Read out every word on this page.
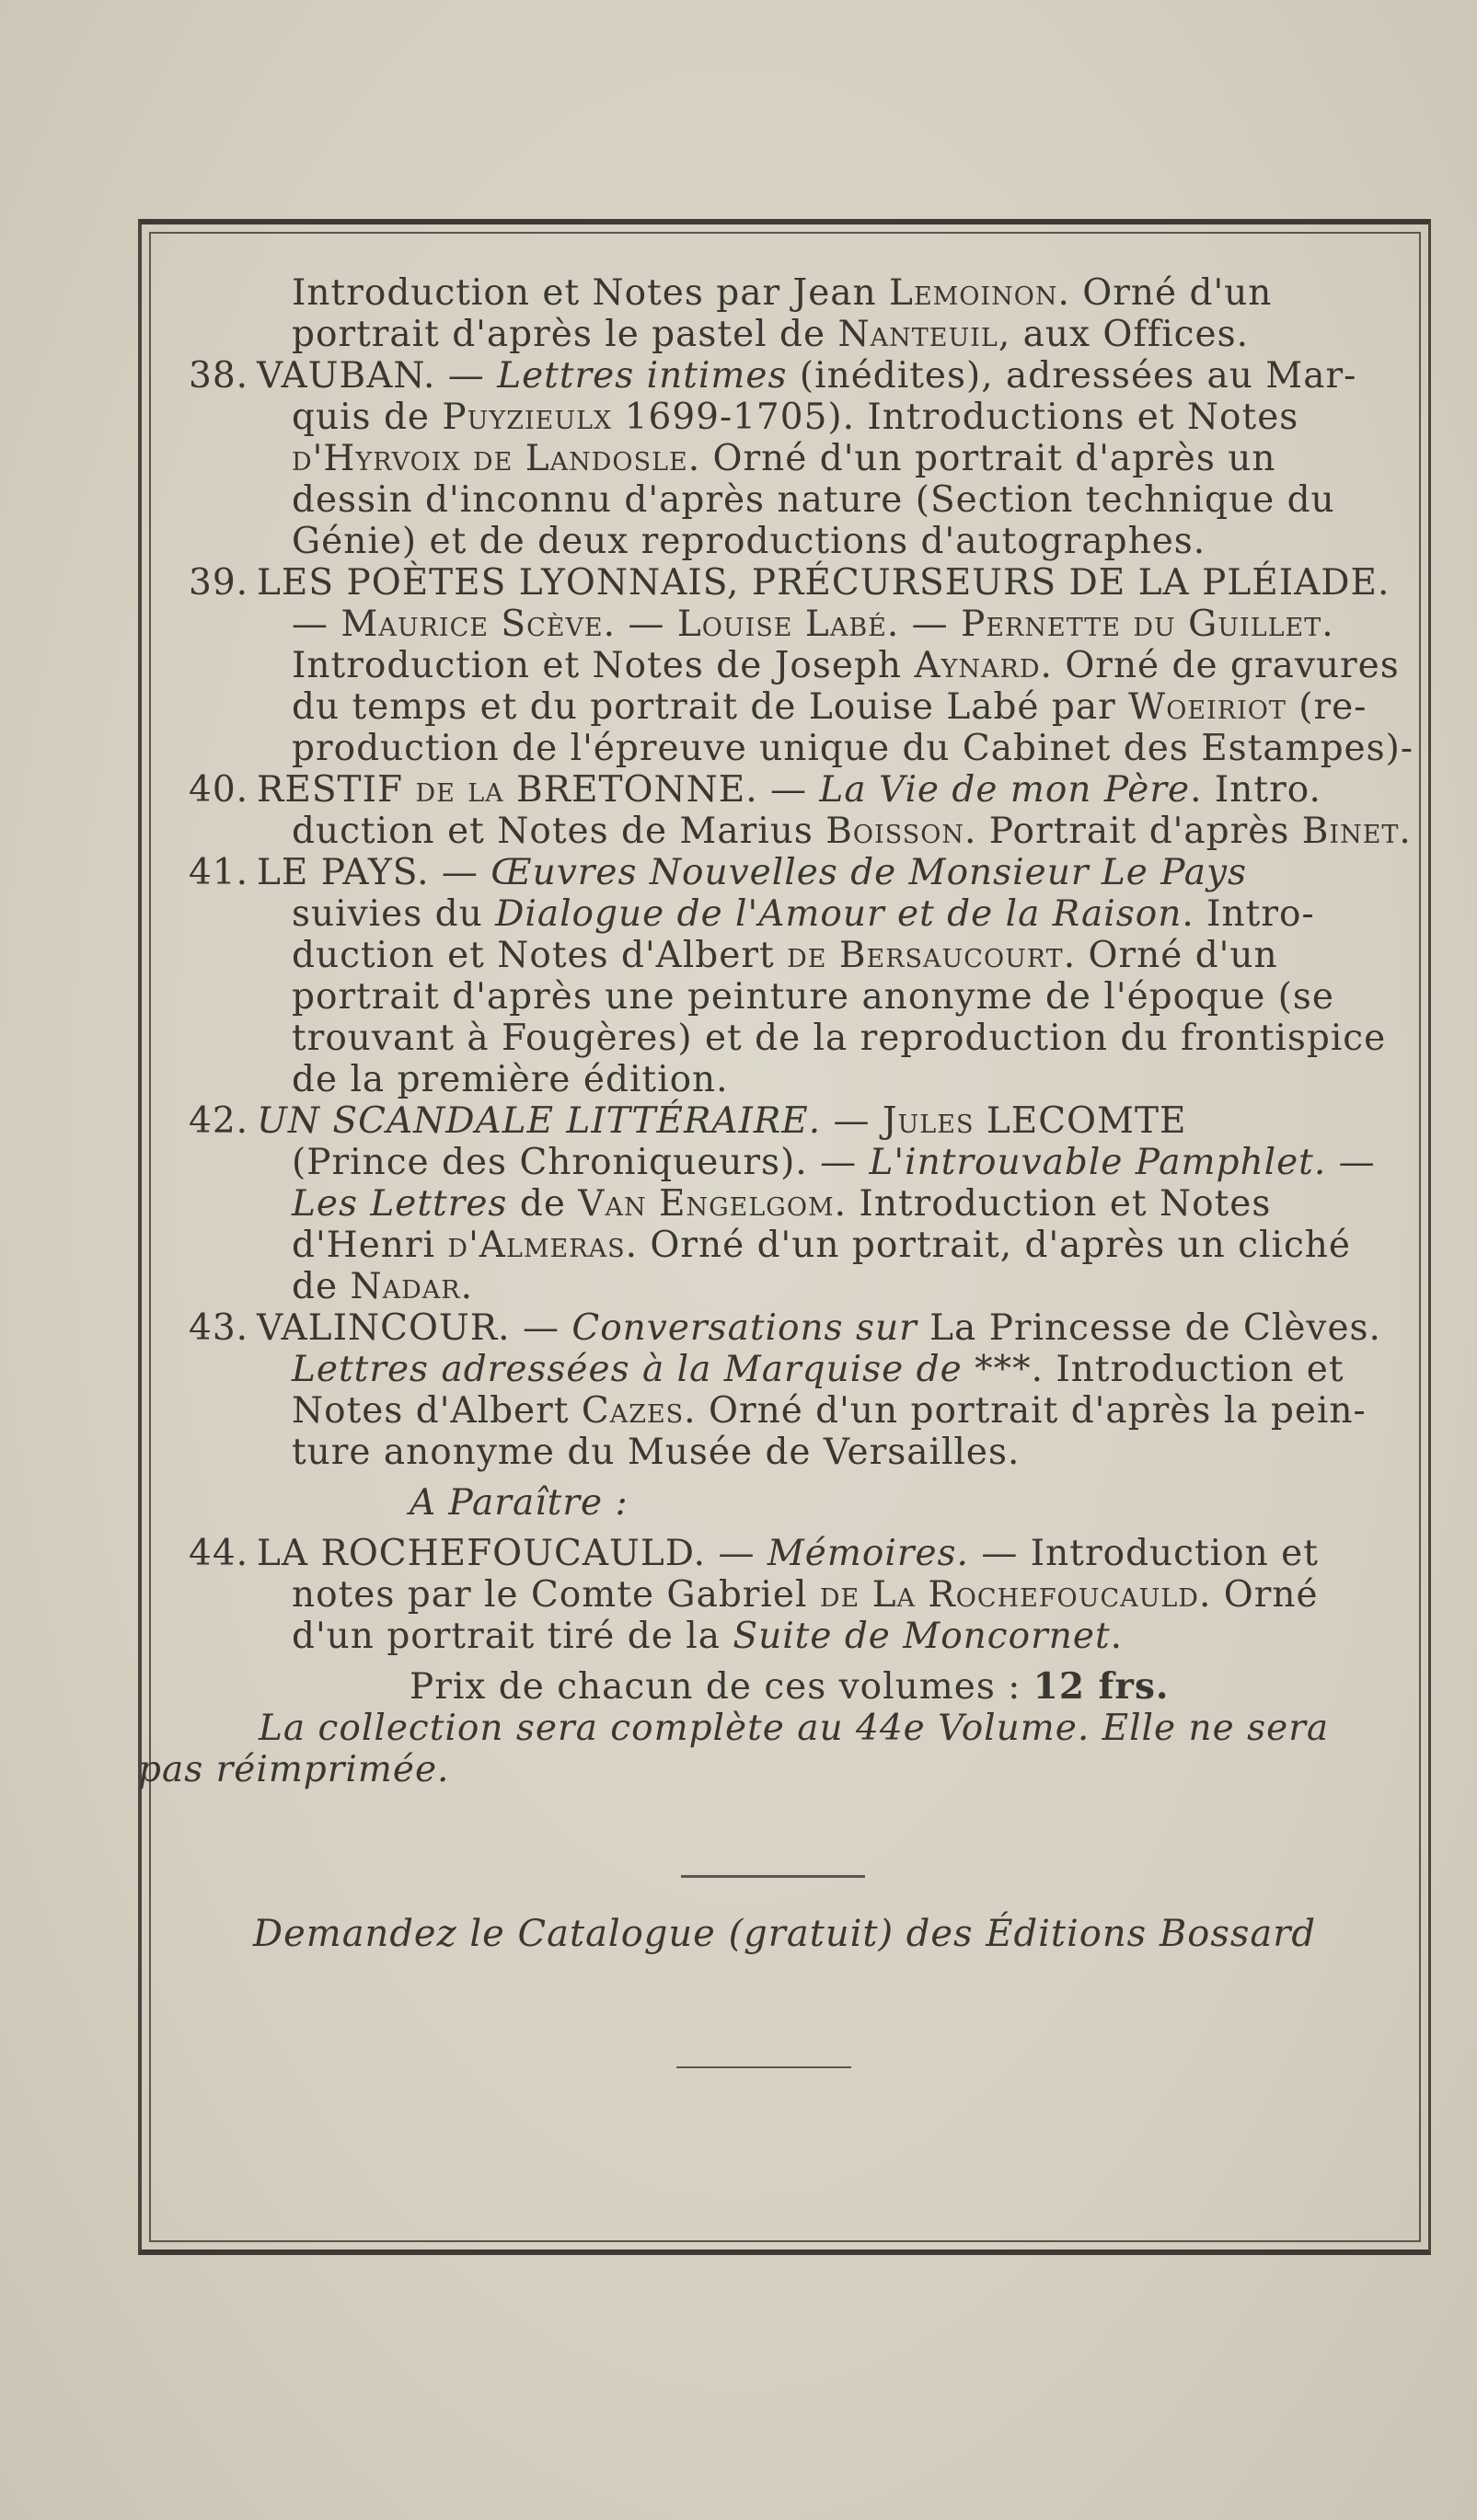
Introduction et Notes par Jean Lemoinon. Orné d'un
portrait d'après le pastel de Nanteuil, aux Offices.
38. VAUBAN. — Lettres intimes (inédites), adressées au Mar-
quis de Puyzieulx 1699-1705). Introductions et Notes
d'Hyrvoix de Landosle. Orné d'un portrait d'après un
dessin d'inconnu d'après nature (Section technique du
Génie) et de deux reproductions d'autographes.
39. LES POÈTES LYONNAIS, PRÉCURSEURS DE LA PLÉIADE.
— Maurice Scève. — Louise Labé. — Pernette du Guillet.
Introduction et Notes de Joseph Aynard. Orné de gravures
du temps et du portrait de Louise Labé par Woeiriot (re-
production de l'épreuve unique du Cabinet des Estampes)-
40. RESTIF de la BRETONNE. — La Vie de mon Père. Intro.
duction et Notes de Marius Boisson. Portrait d'après Binet.
41. LE PAYS. — Œuvres Nouvelles de Monsieur Le Pays
suivies du Dialogue de l'Amour et de la Raison. Intro-
duction et Notes d'Albert de Bersaucourt. Orné d'un
portrait d'après une peinture anonyme de l'époque (se
trouvant à Fougères) et de la reproduction du frontispice
de la première édition.
42. UN SCANDALE LITTÉRAIRE. — Jules LECOMTE
(Prince des Chroniqueurs). — L'introuvable Pamphlet. —
Les Lettres de Van Engelgom. Introduction et Notes
d'Henri d'Almeras. Orné d'un portrait, d'après un cliché
de Nadar.
43. VALINCOUR. — Conversations sur La Princesse de Clèves.
Lettres adressées à la Marquise de ***. Introduction et
Notes d'Albert Cazes. Orné d'un portrait d'après la pein-
ture anonyme du Musée de Versailles.
A Paraître :
44. LA ROCHEFOUCAULD. — Mémoires. — Introduction et
notes par le Comte Gabriel de La Rochefoucauld. Orné
d'un portrait tiré de la Suite de Moncornet.
Prix de chacun de ces volumes : 12 frs.
La collection sera complète au 44e Volume. Elle ne sera
pas réimprimée.
Demandez le Catalogue (gratuit) des Éditions Bossard
